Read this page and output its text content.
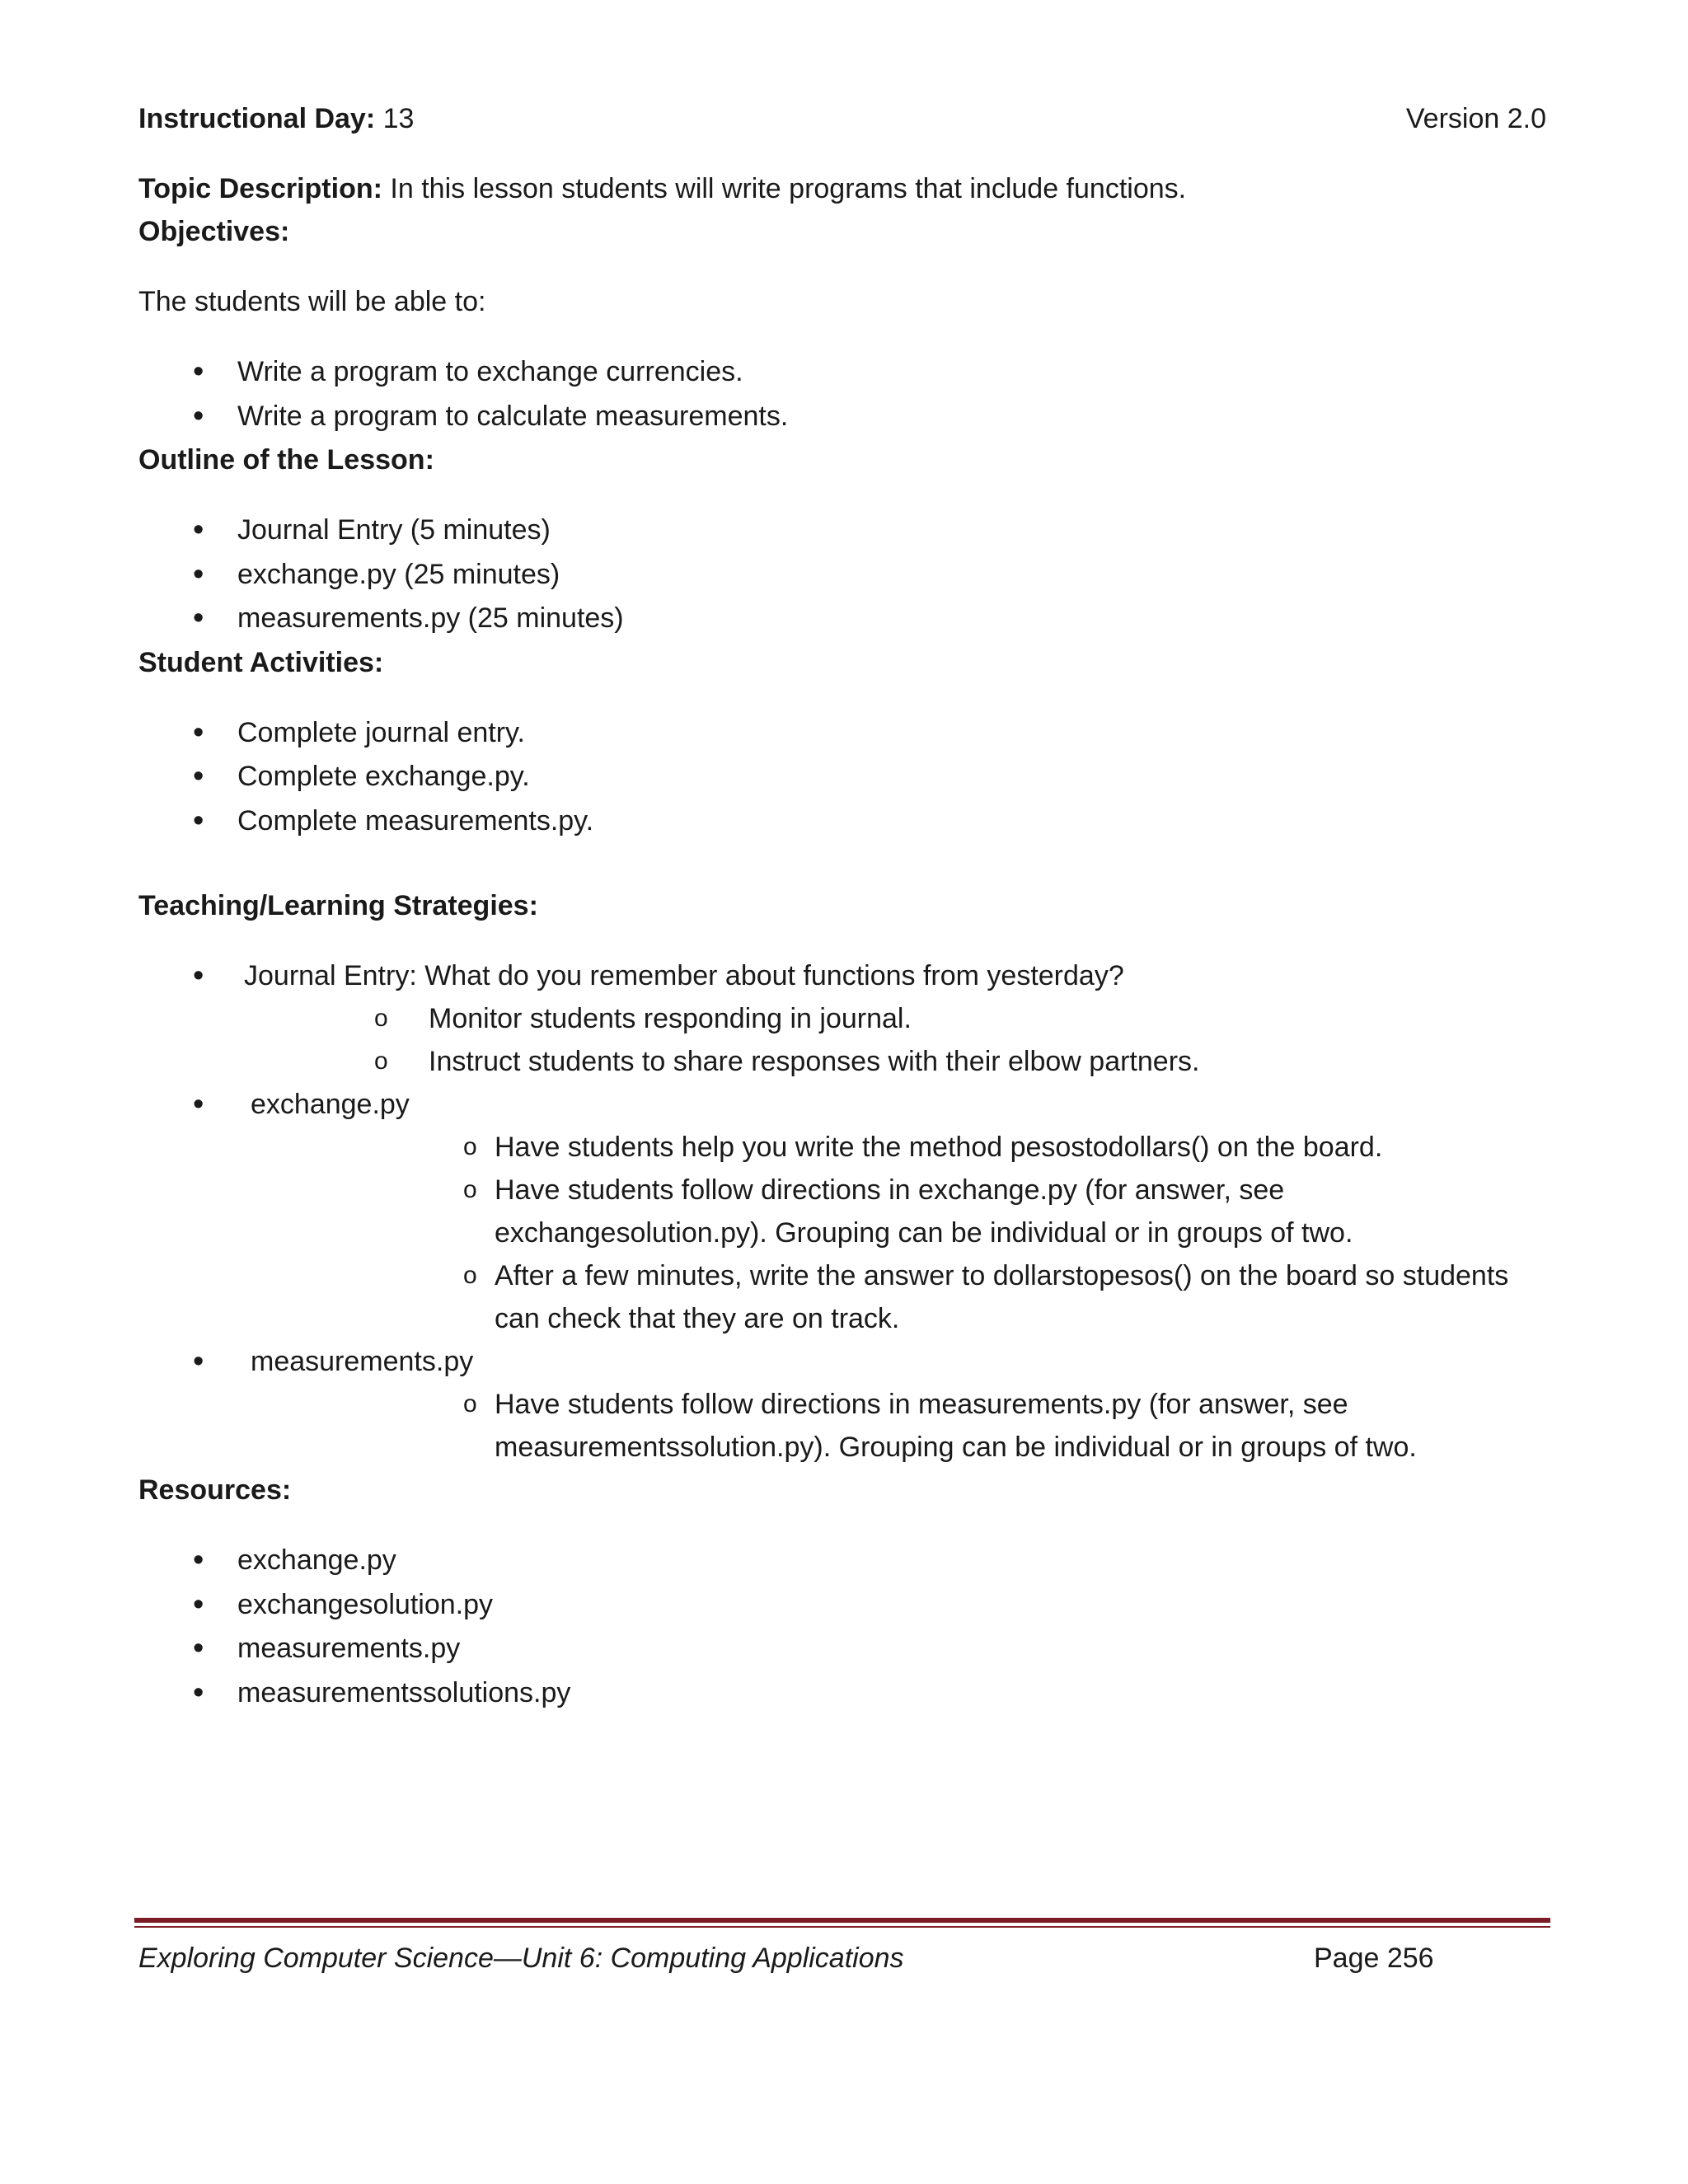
Version 2.0

Instructional Day: 13

Topic Description: In this lesson students will write programs that include functions.

Objectives:

The students will be able to:

• Write a program to exchange currencies.
• Write a program to calculate measurements.

Outline of the Lesson:

• Journal Entry (5 minutes)
• exchange.py (25 minutes)
• measurements.py (25 minutes)

Student Activities:

• Complete journal entry.
• Complete exchange.py.
• Complete measurements.py.

Teaching/Learning Strategies:

• Journal Entry: What do you remember about functions from yesterday?
o Monitor students responding in journal.
o Instruct students to share responses with their elbow partners.
• exchange.py
o Have students help you write the method pesostodollars() on the board.
o Have students follow directions in exchange.py (for answer, see exchangesolution.py). Grouping can be individual or in groups of two.
o After a few minutes, write the answer to dollarstopesos() on the board so students can check that they are on track.
• measurements.py
o Have students follow directions in measurements.py (for answer, see measurementssolution.py). Grouping can be individual or in groups of two.

Resources:

• exchange.py
• exchangesolution.py
• measurements.py
• measurementssolutions.py
Exploring Computer Science—Unit 6: Computing Applications	Page 256
